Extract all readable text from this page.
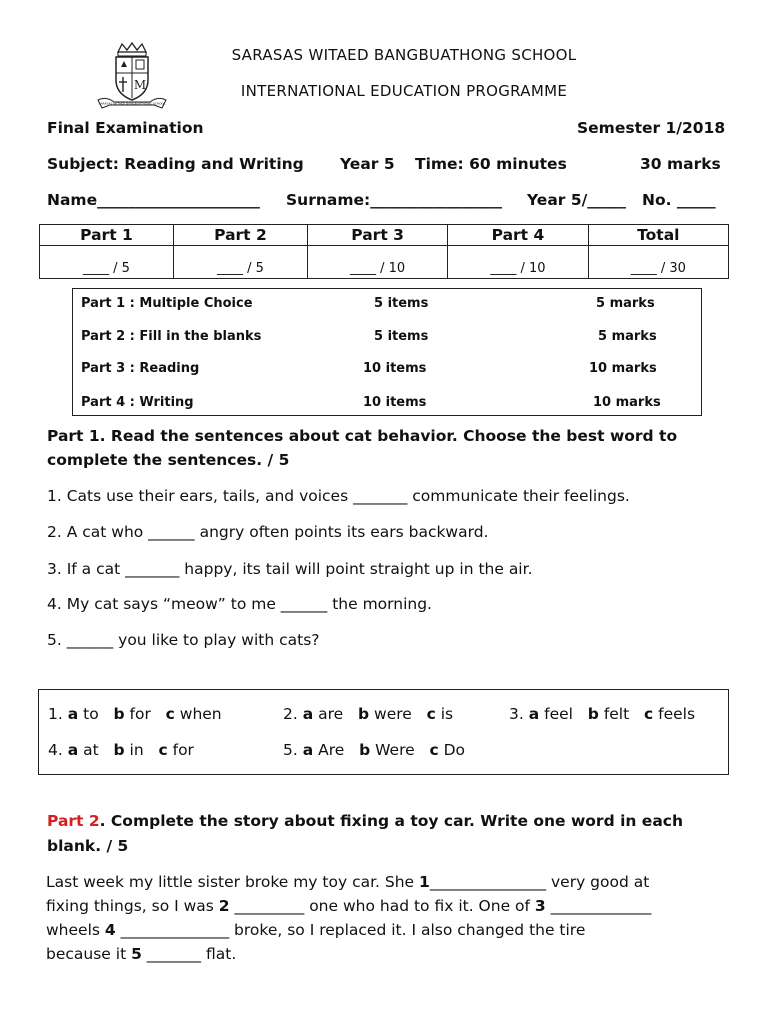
M
SARASAS WITAED BANGBUATHONG SCHOOL
SARASAS WITAED BANGBUATHONG SCHOOL
INTERNATIONAL EDUCATION PROGRAMME
Final Examination	Semester 1/2018
Subject: Reading and Writing Year 5 Time: 60 minutes	30 marks
Name_____________________ Surname:_________________ Year 5/_____ No. _____
Part 1	Part 2	Part 3	Part 4	Total
____ / 5	____ / 5	____ / 10	____ / 10	____ / 30
Part 1 : Multiple Choice	5 items	5 marks
Part 2 : Fill in the blanks	5 items	5 marks
Part 3 : Reading	10 items	10 marks
Part 4 : Writing	10 items	10 marks
Part 1. Read the sentences about cat behavior. Choose the best word to
complete the sentences. / 5
1. Cats use their ears, tails, and voices _______ communicate their feelings.
2. A cat who ______ angry often points its ears backward.
3. If a cat _______ happy, its tail will point straight up in the air.
4. My cat says “meow” to me ______ the morning.
5. ______ you like to play with cats?
1. a to b for c when	2. a are b were c is	3. a feel b felt c feels
4. a at b in c for	5. a Are b Were c Do
Part 2. Complete the story about fixing a toy car. Write one word in each
blank. / 5
Last week my little sister broke my toy car. She 1_______________ very good at
fixing things, so I was 2 _________ one who had to fix it. One of 3 _____________
wheels 4 ______________ broke, so I replaced it. I also changed the tire
because it 5 _______ flat.
